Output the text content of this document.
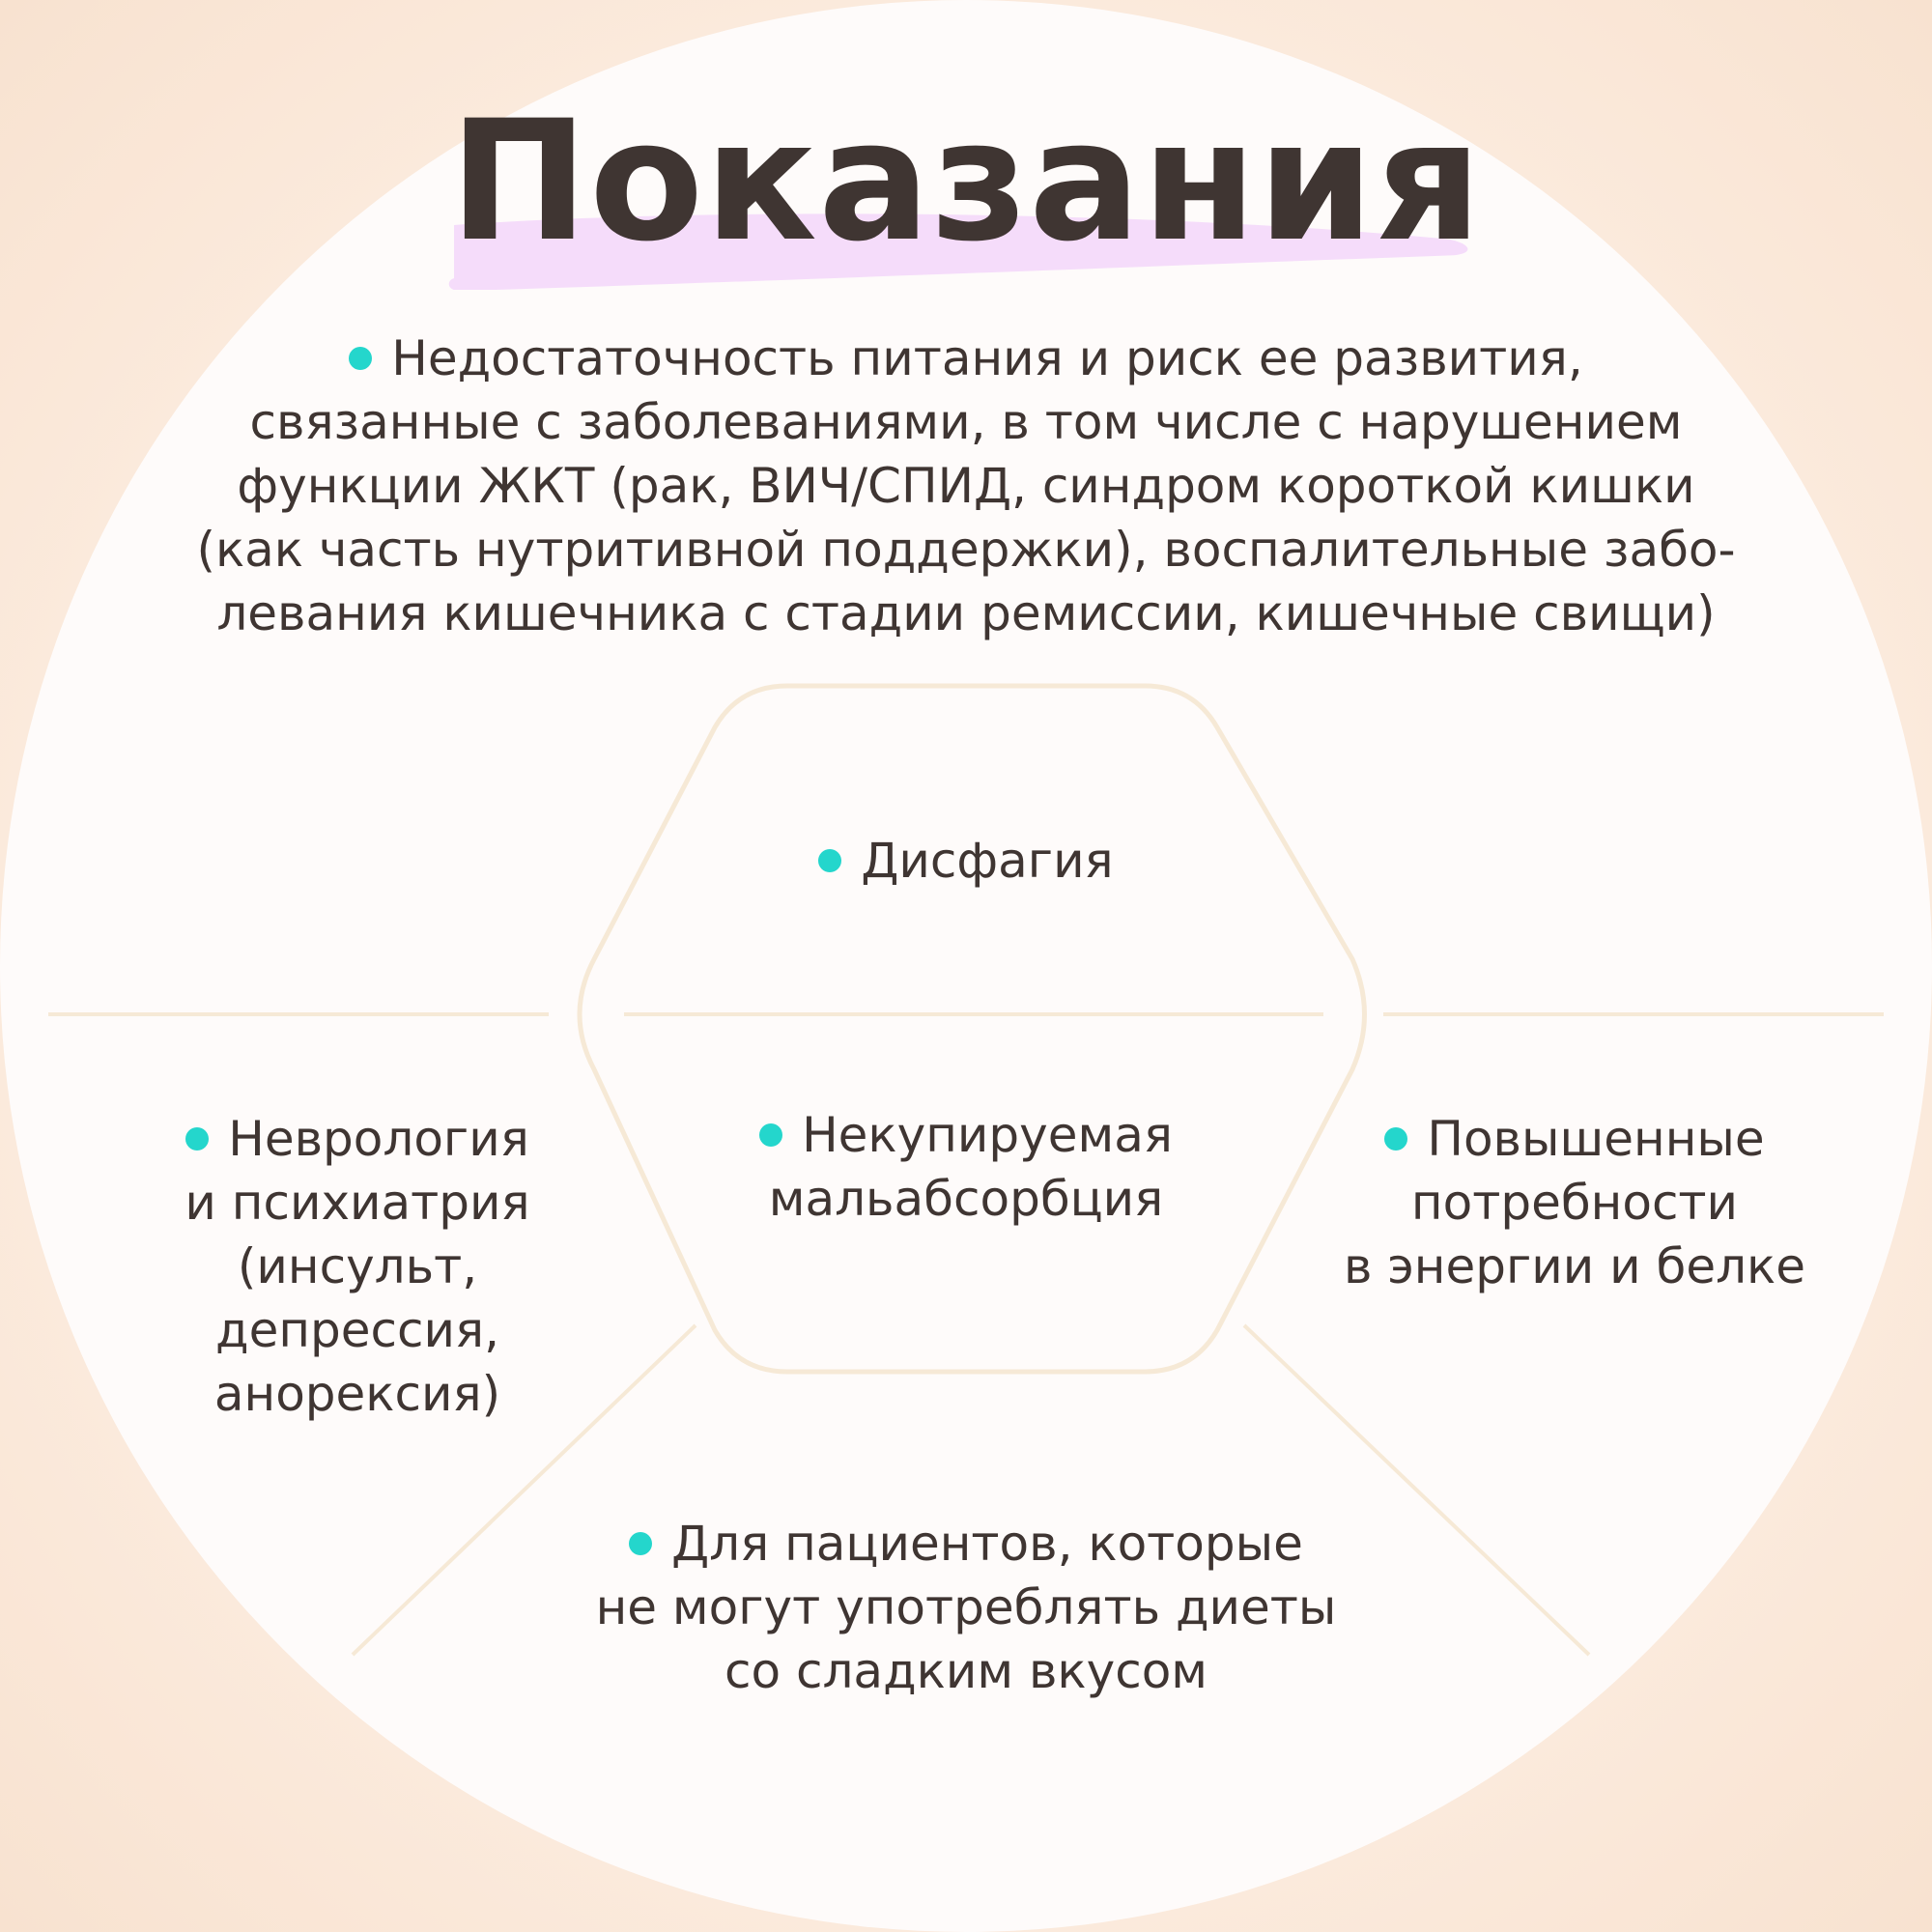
Показания
Недостаточность питания и риск ее развития,
связанные с заболеваниями, в том числе с нарушением
функции ЖКТ (рак, ВИЧ/СПИД, синдром короткой кишки
(как часть нутритивной поддержки), воспалительные забо-
левания кишечника с стадии ремиссии, кишечные свищи)
Дисфагия
Некупируемая
мальабсорбция
Неврология
и психиатрия
(инсульт,
депрессия,
анорексия)
Повышенные
потребности
в энергии и белке
Для пациентов, которые
не могут употреблять диеты
со сладким вкусом
